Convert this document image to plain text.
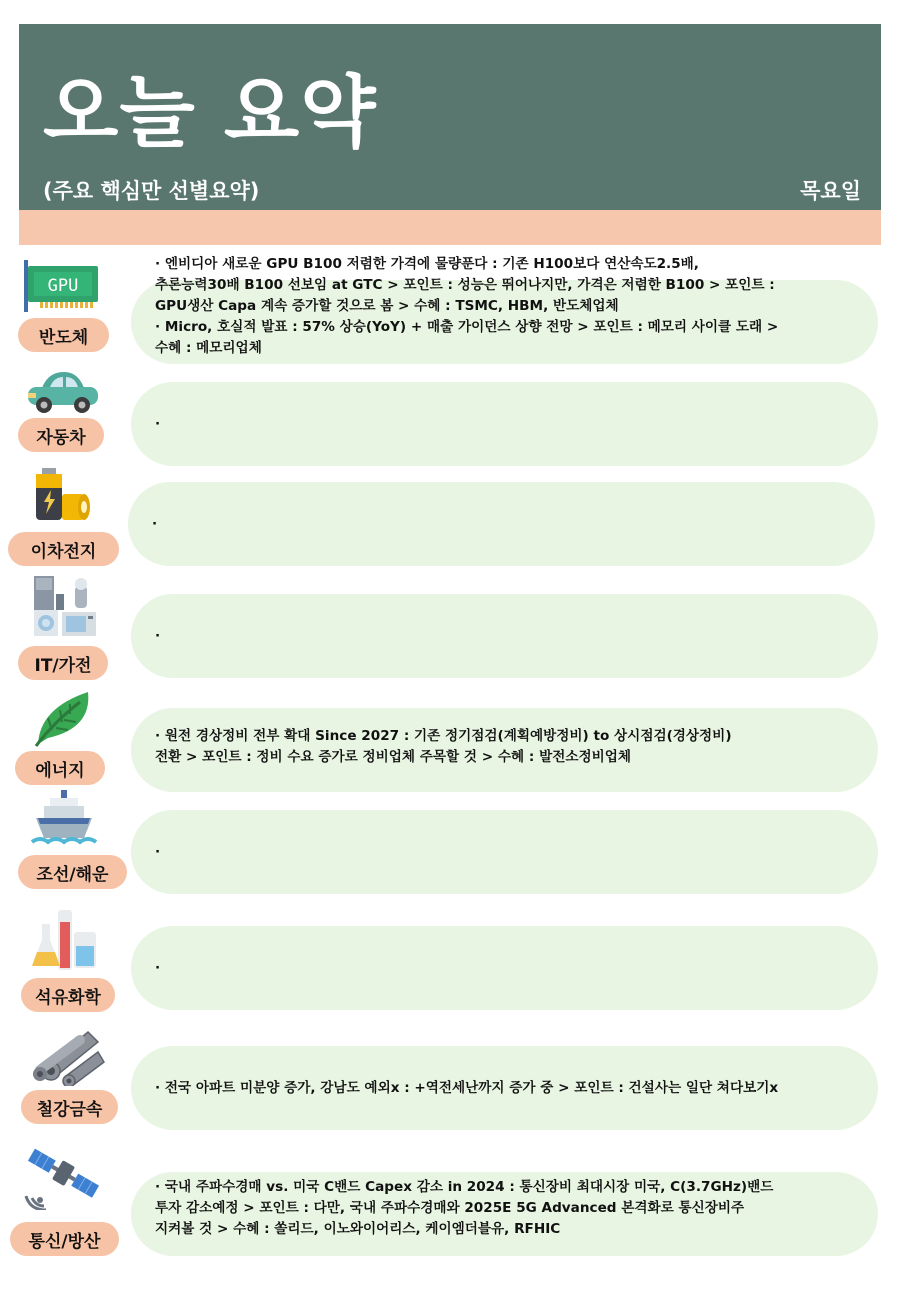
오늘 요약
(주요 핵심만 선별요약)	목요일
GPU
반도체
· 엔비디아 새로운 GPU B100 저렴한 가격에 물량푼다 : 기존 H100보다 연산속도2.5배,
추론능력30배 B100 선보임 at GTC > 포인트 : 성능은 뛰어나지만, 가격은 저렴한 B100 > 포인트 :
GPU생산 Capa 계속 증가할 것으로 봄 > 수혜 : TSMC, HBM, 반도체업체
· Micro, 호실적 발표 : 57% 상승(YoY) + 매출 가이던스 상향 전망 > 포인트 : 메모리 사이클 도래 >
수혜 : 메모리업체
자동차
·
이차전지
·
IT/가전
·
에너지
· 원전 경상정비 전부 확대 Since 2027 : 기존 정기점검(계획예방정비) to 상시점검(경상정비)
전환 > 포인트 : 정비 수요 증가로 정비업체 주목할 것 > 수혜 : 발전소정비업체
조선/해운
·
석유화학
·
철강금속
· 전국 아파트 미분양 증가, 강남도 예외x : +역전세난까지 증가 중 > 포인트 : 건설사는 일단 쳐다보기x
통신/방산
· 국내 주파수경매 vs. 미국 C밴드 Capex 감소 in 2024 : 통신장비 최대시장 미국, C(3.7GHz)밴드
투자 감소예정 > 포인트 : 다만, 국내 주파수경매와 2025E 5G Advanced 본격화로 통신장비주
지켜볼 것 > 수혜 : 쏠리드, 이노와이어리스, 케이엠더블유, RFHIC
